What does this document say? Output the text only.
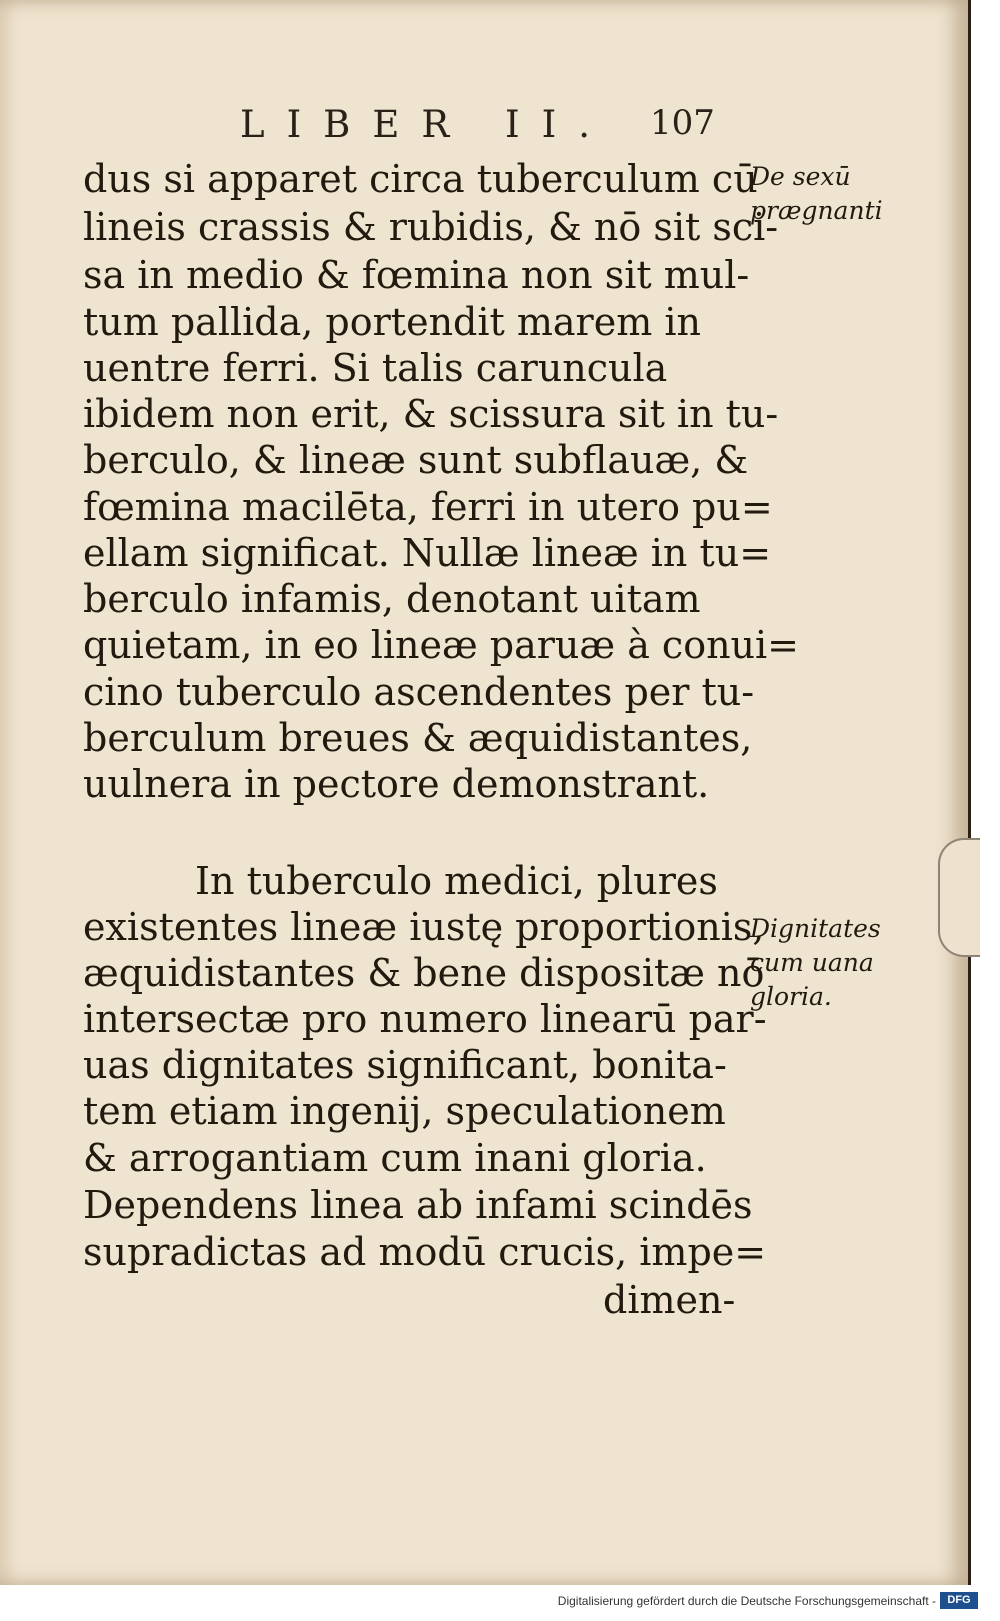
LIBER II. 107
dus si apparet circa tuberculum cū
lineis crassis & rubidis, & nō sit sci-
sa in medio & fœmina non sit mul-
tum pallida, portendit marem in
uentre ferri. Si talis caruncula
ibidem non erit, & scissura sit in tu-
berculo, & lineæ sunt subflauæ, &
fœmina macilēta, ferri in utero pu=
ellam significat. Nullæ lineæ in tu=
berculo infamis, denotant uitam
quietam, in eo lineæ paruæ à conui=
cino tuberculo ascendentes per tu-
berculum breues & æquidistantes,
uulnera in pectore demonstrant.
In tuberculo medici, plures
existentes lineæ iustę proportionis,
æquidistantes & bene dispositæ nō
intersectæ pro numero linearū par-
uas dignitates significant, bonita-
tem etiam ingenij, speculationem
& arrogantiam cum inani gloria.
Dependens linea ab infami scindēs
supradictas ad modū crucis, impe=
dimen-
De sexū
prægnanti
Dignitates
cum uana
gloria.
Digitalisierung gefördert durch die Deutsche Forschungsgemeinschaft -	DFG
